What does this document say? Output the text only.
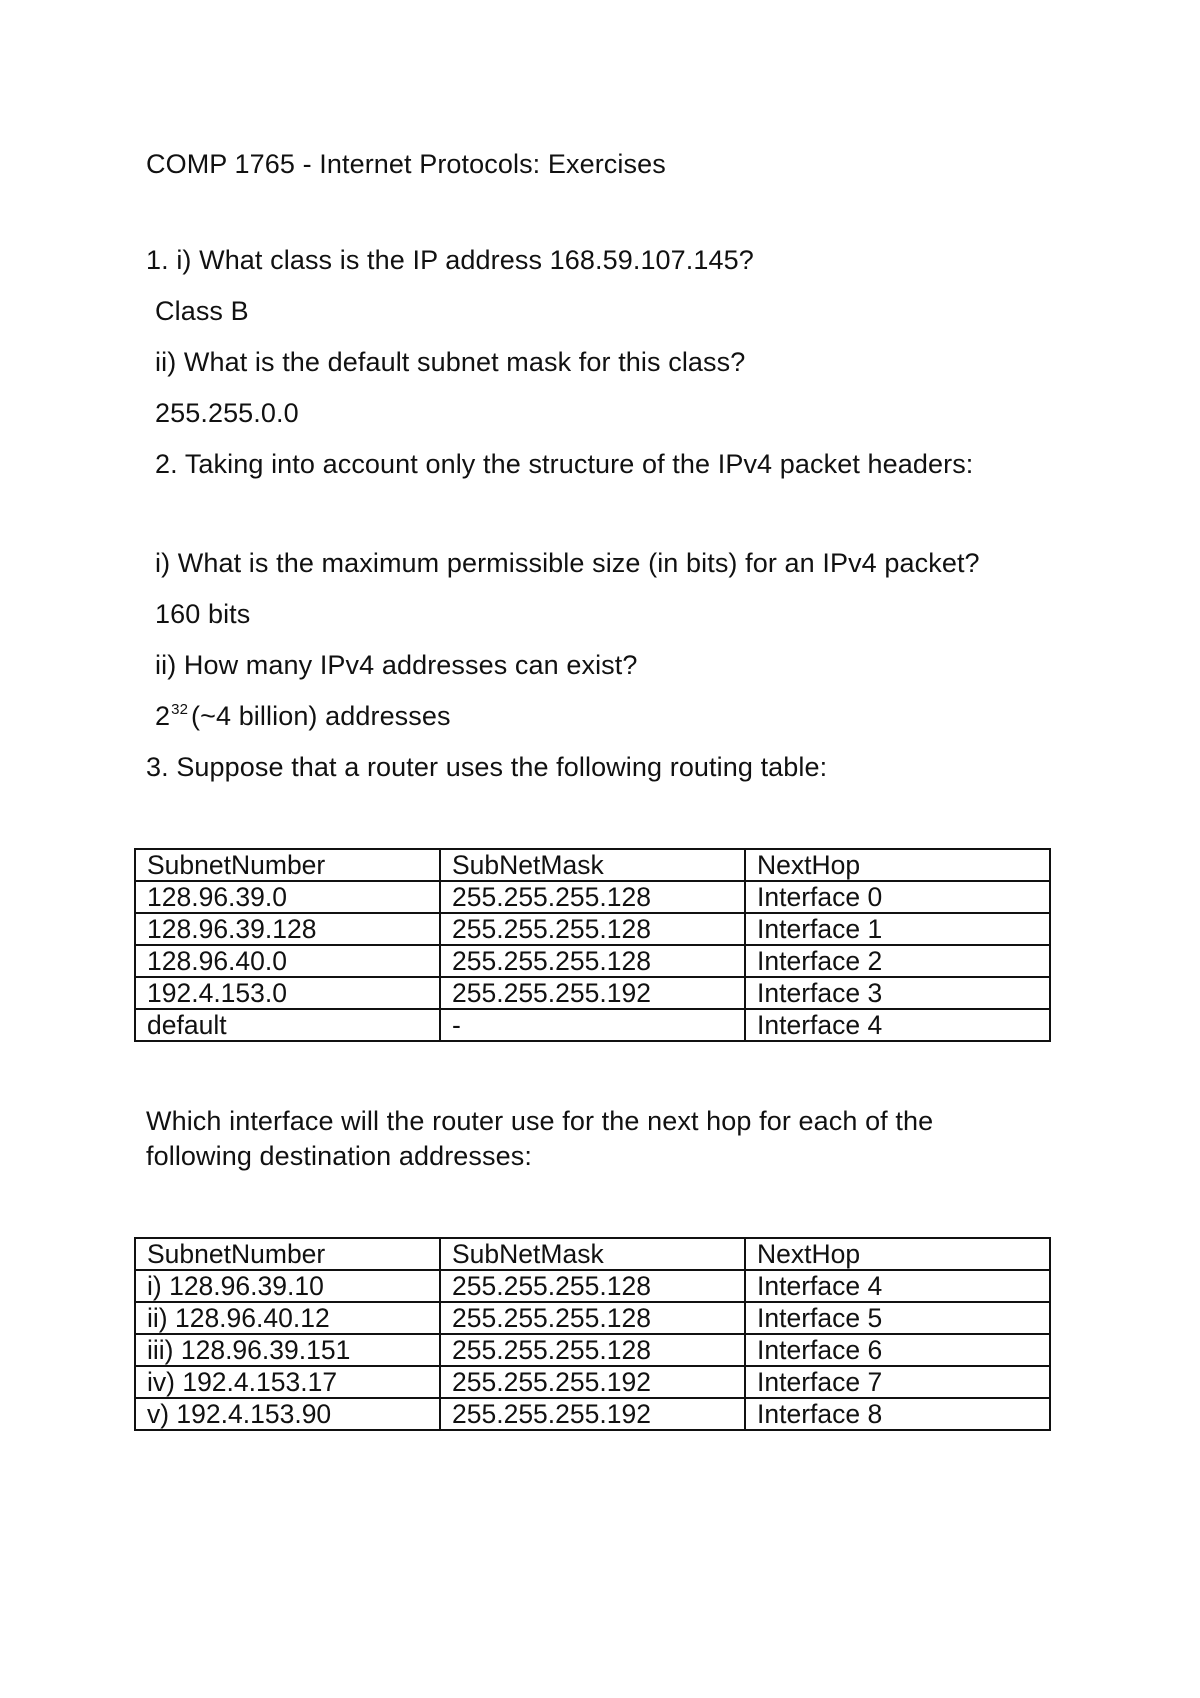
COMP 1765 - Internet Protocols: Exercises
1. i) What class is the IP address 168.59.107.145?
Class B
ii) What is the default subnet mask for this class?
255.255.0.0
2. Taking into account only the structure of the IPv4 packet headers:
i) What is the maximum permissible size (in bits) for an IPv4 packet?
160 bits
ii) How many IPv4 addresses can exist?
$2^{32}$ (~4 billion) addresses
3. Suppose that a router uses the following routing table:
SubnetNumber	SubNetMask	NextHop
128.96.39.0	255.255.255.128	Interface 0
128.96.39.128	255.255.255.128	Interface 1
128.96.40.0	255.255.255.128	Interface 2
192.4.153.0	255.255.255.192	Interface 3
default	-	Interface 4
Which interface will the router use for the next hop for each of the
following destination addresses:
SubnetNumber	SubNetMask	NextHop
i) 128.96.39.10	255.255.255.128	Interface 4
ii) 128.96.40.12	255.255.255.128	Interface 5
iii) 128.96.39.151	255.255.255.128	Interface 6
iv) 192.4.153.17	255.255.255.192	Interface 7
v) 192.4.153.90	255.255.255.192	Interface 8
